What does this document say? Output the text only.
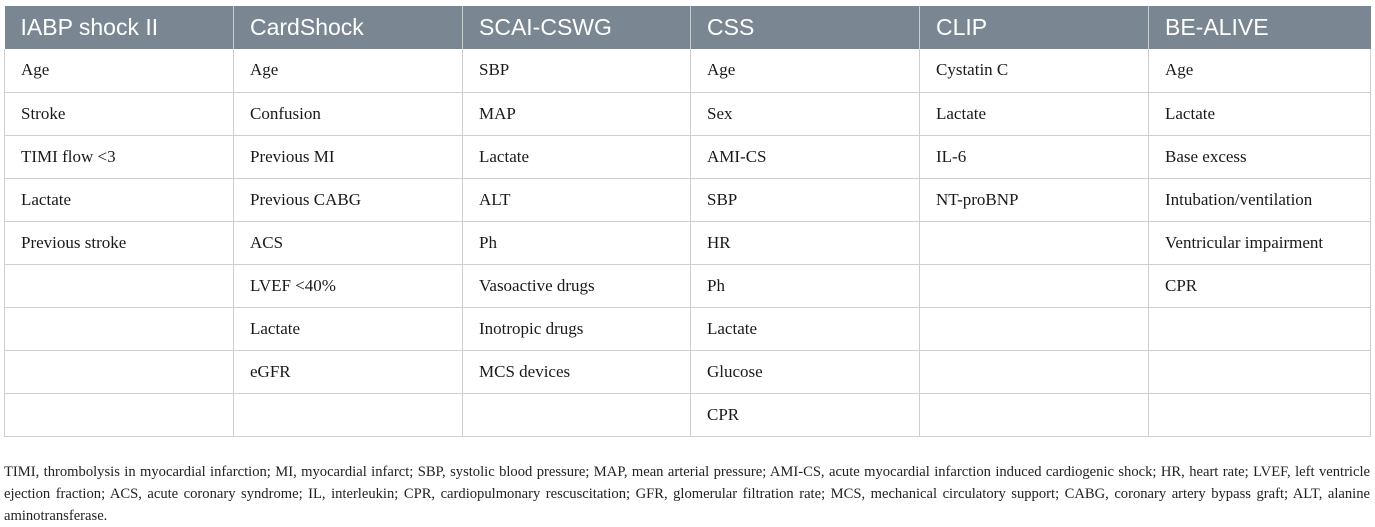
IABP shock II	CardShock	SCAI-CSWG	CSS	CLIP	BE-ALIVE
Age	Age	SBP	Age	Cystatin C	Age
Stroke	Confusion	MAP	Sex	Lactate	Lactate
TIMI flow <3	Previous MI	Lactate	AMI-CS	IL-6	Base excess
Lactate	Previous CABG	ALT	SBP	NT-proBNP	Intubation/ventilation
Previous stroke	ACS	Ph	HR		Ventricular impairment
	LVEF <40%	Vasoactive drugs	Ph		CPR
	Lactate	Inotropic drugs	Lactate		
	eGFR	MCS devices	Glucose		
			CPR		

TIMI, thrombolysis in myocardial infarction; MI, myocardial infarct; SBP, systolic blood pressure; MAP, mean arterial pressure; AMI-CS, acute myocardial infarction induced cardiogenic shock; HR, heart rate; LVEF, left ventricle ejection fraction; ACS, acute coronary syndrome; IL, interleukin; CPR, cardiopulmonary rescuscitation; GFR, glomerular filtration rate; MCS, mechanical circulatory support; CABG, coronary artery bypass graft; ALT, alanine aminotransferase.
